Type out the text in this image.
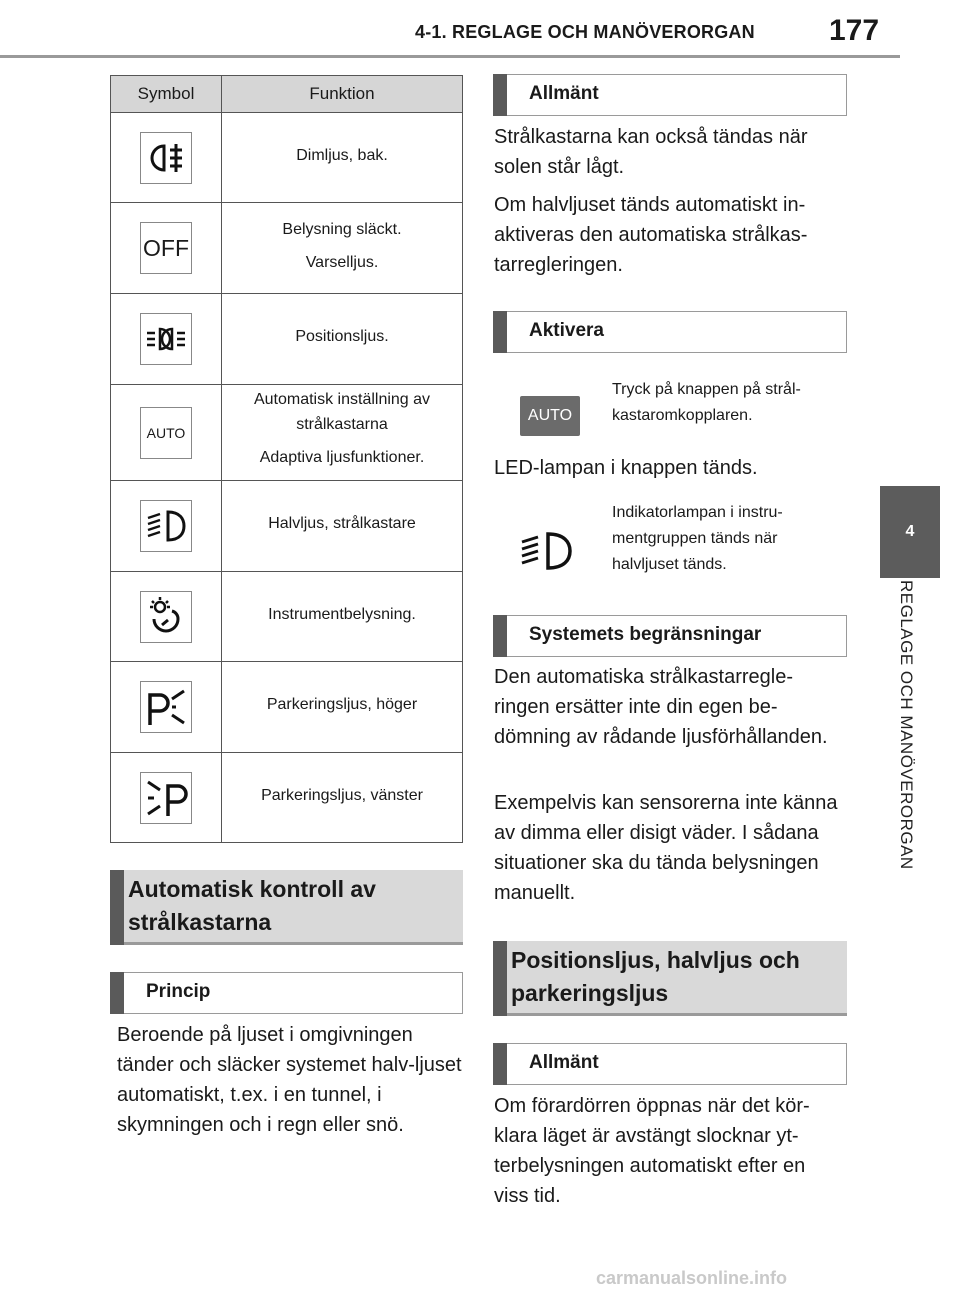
4-1. REGLAGE OCH MANÖVERORGAN 177
4
REGLAGE OCH MANÖVERORGAN
Symbol	Funktion

Dimljus, bak.

OFF	Belysning släckt.
Varselljus.

Positionsljus.

AUTO	Automatisk inställning av strålkastarna
Adaptiva ljusfunktioner.

Halvljus, strålkastare

Instrumentbelysning.

Parkeringsljus, höger

Parkeringsljus, vänster
Automatisk kontroll av strålkastarna
Princip

Beroende på ljuset i omgivningen tänder och släcker systemet halv-ljuset automatiskt, t.ex. i en tunnel, i skymningen och i regn eller snö.

Allmänt

Strålkastarna kan också tändas när solen står lågt.

Om halvljuset tänds automatiskt in-aktiveras den automatiska strålkas-tarregleringen.

Aktivera
AUTO

Tryck på knappen på strål-kastaromkopplaren.

LED-lampan i knappen tänds.

Indikatorlampan i instru-mentgruppen tänds när halvljuset tänds.

Systemets begränsningar

Den automatiska strålkastarregle-ringen ersätter inte din egen be-dömning av rådande ljusförhållanden.

Exempelvis kan sensorerna inte känna av dimma eller disigt väder. I sådana situationer ska du tända belysningen manuellt.

Positionsljus, halvljus och parkeringsljus
Allmänt

Om förardörren öppnas när det kör-klara läget är avstängt slocknar yt-terbelysningen automatiskt efter en viss tid.

carmanualsonline.info
